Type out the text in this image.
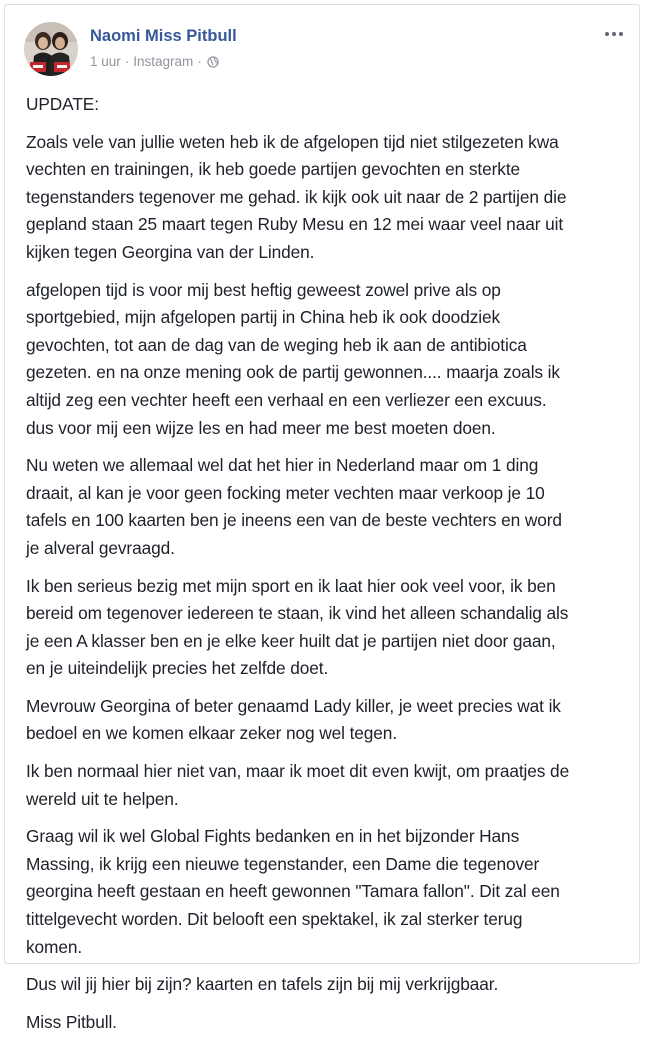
Naomi Miss Pitbull
1 uur · Instagram ·

UPDATE:

Zoals vele van jullie weten heb ik de afgelopen tijd niet stilgezeten kwa
vechten en trainingen, ik heb goede partijen gevochten en sterkte
tegenstanders tegenover me gehad. ik kijk ook uit naar de 2 partijen die
gepland staan 25 maart tegen Ruby Mesu en 12 mei waar veel naar uit
kijken tegen Georgina van der Linden.

afgelopen tijd is voor mij best heftig geweest zowel prive als op
sportgebied, mijn afgelopen partij in China heb ik ook doodziek
gevochten, tot aan de dag van de weging heb ik aan de antibiotica
gezeten. en na onze mening ook de partij gewonnen.... maarja zoals ik
altijd zeg een vechter heeft een verhaal en een verliezer een excuus.
dus voor mij een wijze les en had meer me best moeten doen.

Nu weten we allemaal wel dat het hier in Nederland maar om 1 ding
draait, al kan je voor geen focking meter vechten maar verkoop je 10
tafels en 100 kaarten ben je ineens een van de beste vechters en word
je alveral gevraagd.

Ik ben serieus bezig met mijn sport en ik laat hier ook veel voor, ik ben
bereid om tegenover iedereen te staan, ik vind het alleen schandalig als
je een A klasser ben en je elke keer huilt dat je partijen niet door gaan,
en je uiteindelijk precies het zelfde doet.

Mevrouw Georgina of beter genaamd Lady killer, je weet precies wat ik
bedoel en we komen elkaar zeker nog wel tegen.

Ik ben normaal hier niet van, maar ik moet dit even kwijt, om praatjes de
wereld uit te helpen.

Graag wil ik wel Global Fights bedanken en in het bijzonder Hans
Massing, ik krijg een nieuwe tegenstander, een Dame die tegenover
georgina heeft gestaan en heeft gewonnen "Tamara fallon". Dit zal een
tittelgevecht worden. Dit belooft een spektakel, ik zal sterker terug
komen.

Dus wil jij hier bij zijn? kaarten en tafels zijn bij mij verkrijgbaar.

Miss Pitbull.
